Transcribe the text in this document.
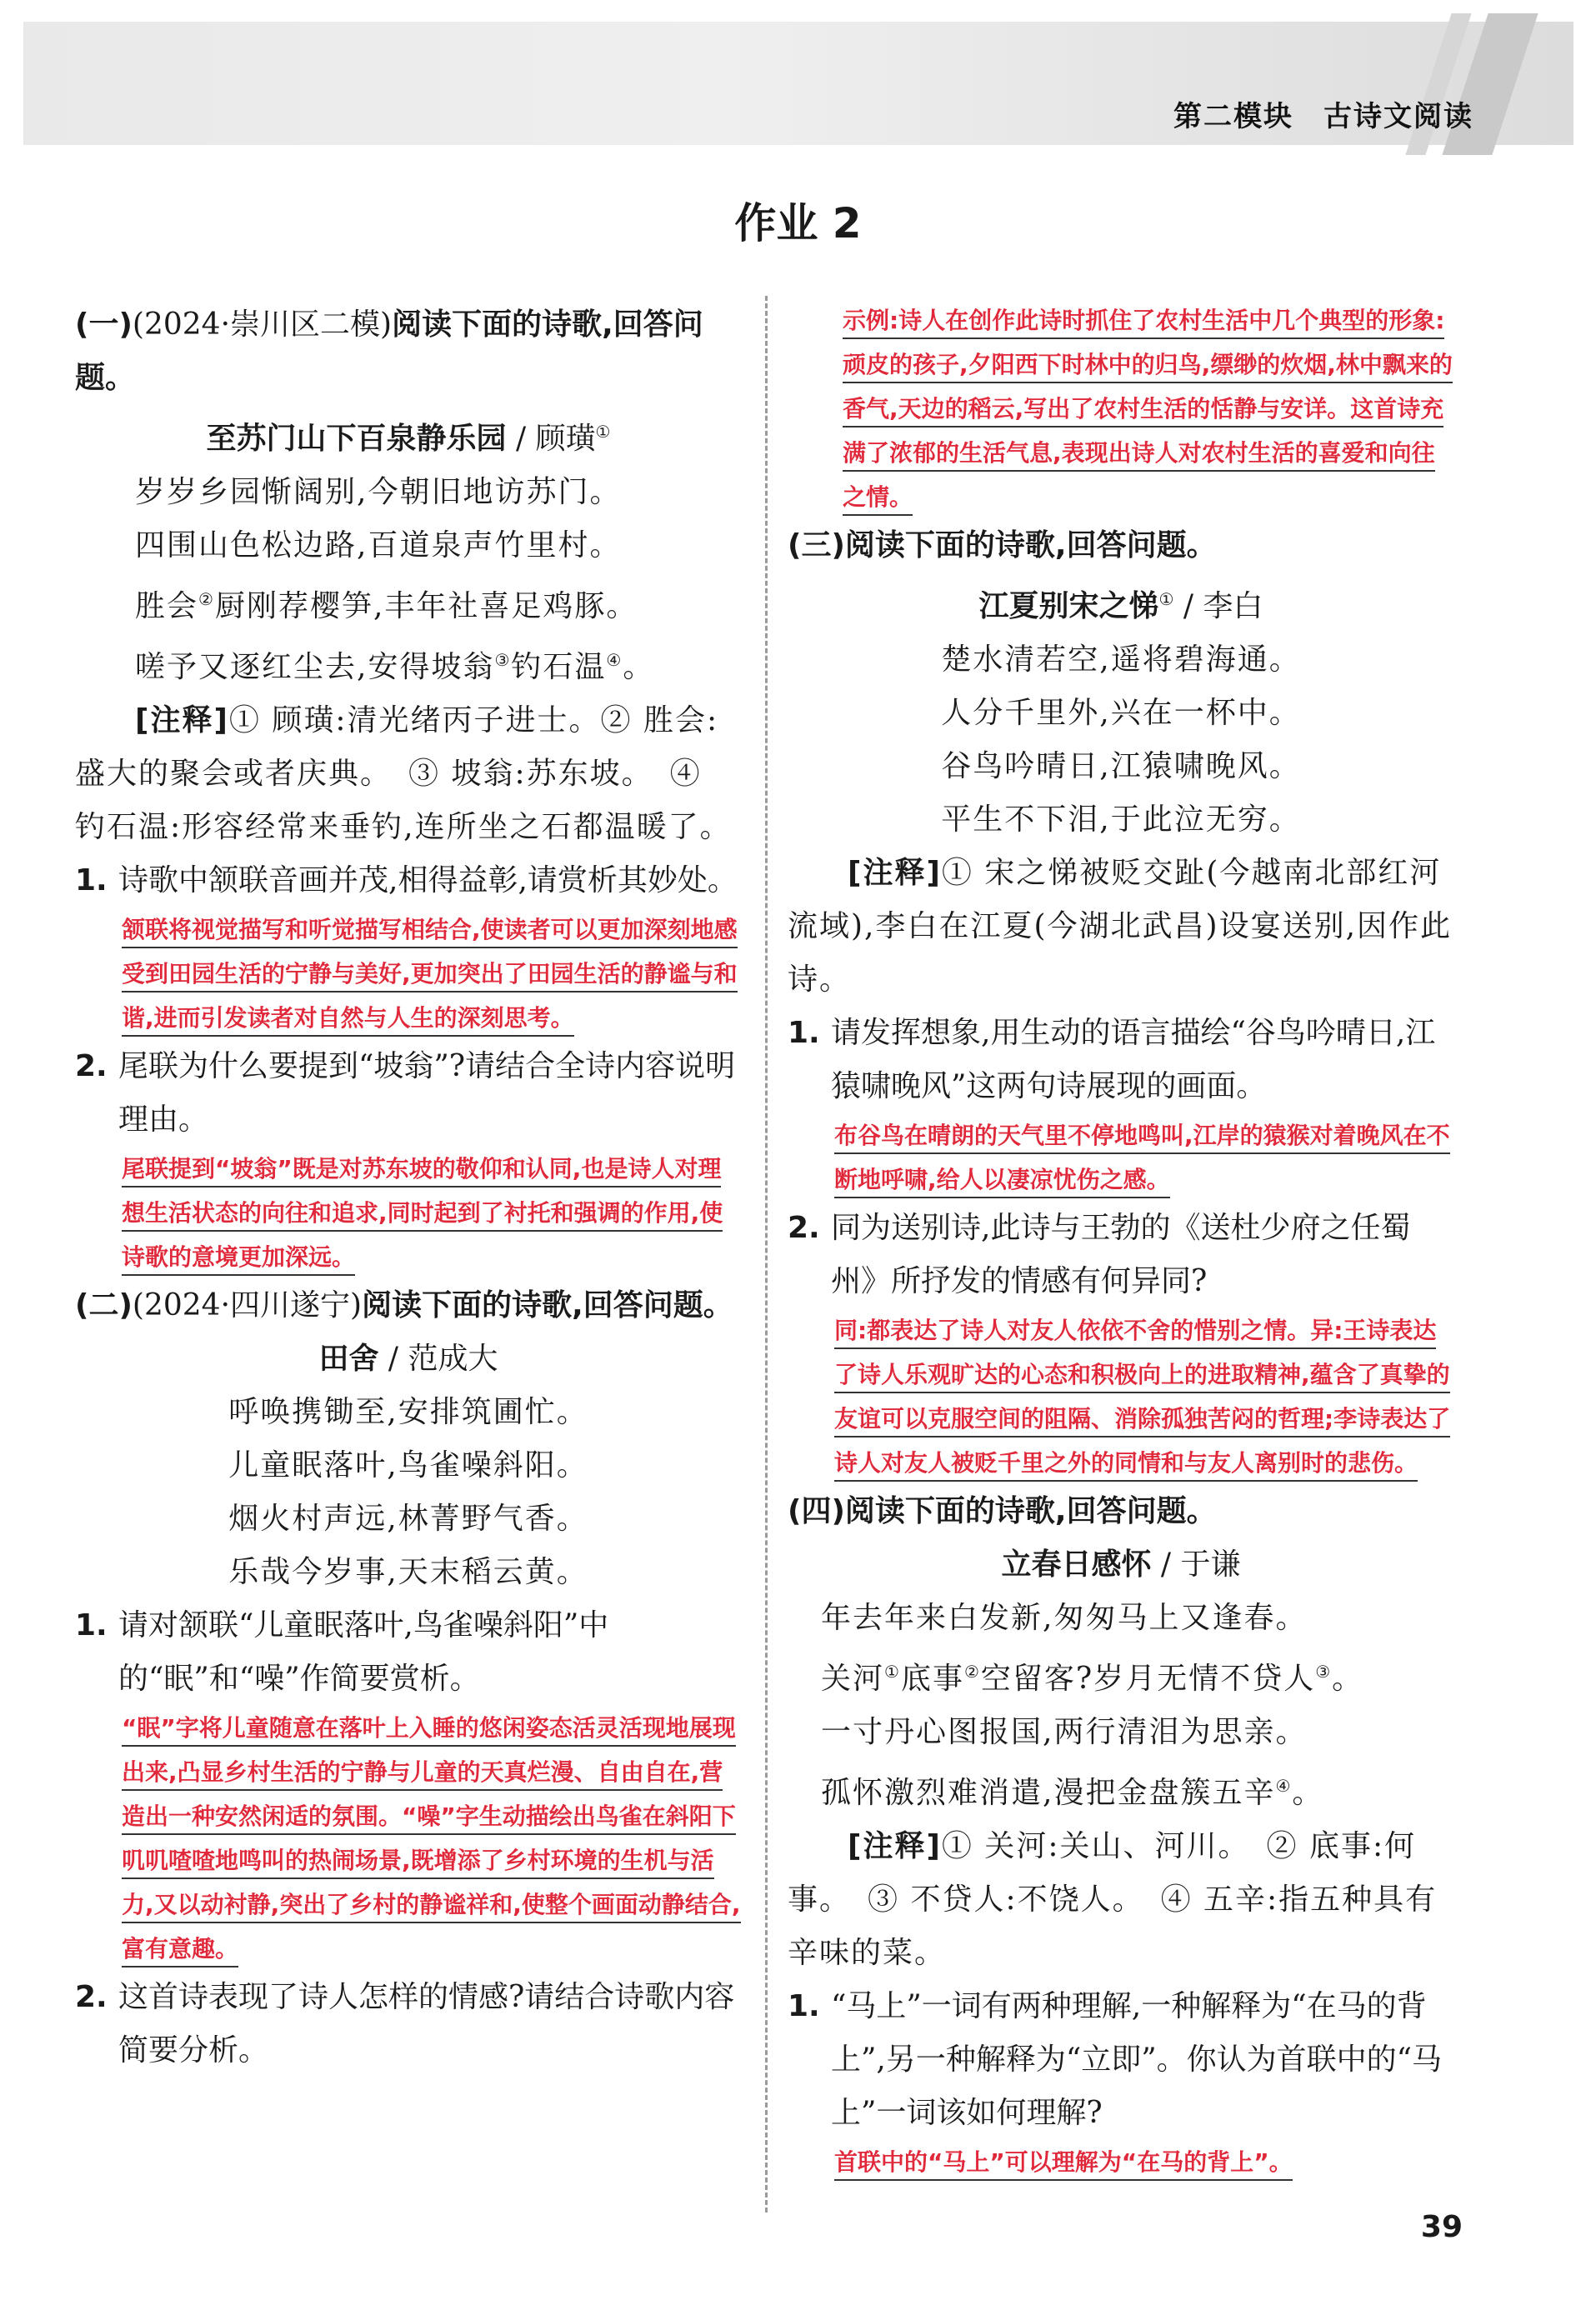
第二模块　古诗文阅读
作业 2
(一)(2024·崇川区二模)阅读下面的诗歌,回答问题。
至苏门山下百泉静乐园 / 顾璜①
岁岁乡园惭阔别,今朝旧地访苏门。
四围山色松边路,百道泉声竹里村。
胜会②厨刚荐樱笋,丰年社喜足鸡豚。
嗟予又逐红尘去,安得坡翁③钓石温④。
[注释]① 顾璜:清光绪丙子进士。② 胜会:盛大的聚会或者庆典。　③ 坡翁:苏东坡。　④ 钓石温:形容经常来垂钓,连所坐之石都温暖了。
1. 诗歌中颔联音画并茂,相得益彰,请赏析其妙处。
颔联将视觉描写和听觉描写相结合,使读者可以更加深刻地感受到田园生活的宁静与美好,更加突出了田园生活的静谧与和谐,进而引发读者对自然与人生的深刻思考。
2. 尾联为什么要提到“坡翁”?请结合全诗内容说明理由。
尾联提到“坡翁”既是对苏东坡的敬仰和认同,也是诗人对理想生活状态的向往和追求,同时起到了衬托和强调的作用,使诗歌的意境更加深远。
(二)(2024·四川遂宁)阅读下面的诗歌,回答问题。
田舍 / 范成大
呼唤携锄至,安排筑圃忙。
儿童眠落叶,鸟雀噪斜阳。
烟火村声远,林菁野气香。
乐哉今岁事,天末稻云黄。
1. 请对颔联“儿童眠落叶,鸟雀噪斜阳”中的“眠”和“噪”作简要赏析。
“眠”字将儿童随意在落叶上入睡的悠闲姿态活灵活现地展现出来,凸显乡村生活的宁静与儿童的天真烂漫、自由自在,营造出一种安然闲适的氛围。“噪”字生动描绘出鸟雀在斜阳下叽叽喳喳地鸣叫的热闹场景,既增添了乡村环境的生机与活力,又以动衬静,突出了乡村的静谧祥和,使整个画面动静结合,富有意趣。
2. 这首诗表现了诗人怎样的情感?请结合诗歌内容简要分析。
示例:诗人在创作此诗时抓住了农村生活中几个典型的形象:顽皮的孩子,夕阳西下时林中的归鸟,缥缈的炊烟,林中飘来的香气,天边的稻云,写出了农村生活的恬静与安详。这首诗充满了浓郁的生活气息,表现出诗人对农村生活的喜爱和向往之情。
(三)阅读下面的诗歌,回答问题。
江夏别宋之悌① / 李白
楚水清若空,遥将碧海通。
人分千里外,兴在一杯中。
谷鸟吟晴日,江猿啸晚风。
平生不下泪,于此泣无穷。
[注释]① 宋之悌被贬交趾(今越南北部红河流域),李白在江夏(今湖北武昌)设宴送别,因作此诗。
1. 请发挥想象,用生动的语言描绘“谷鸟吟晴日,江猿啸晚风”这两句诗展现的画面。
布谷鸟在晴朗的天气里不停地鸣叫,江岸的猿猴对着晚风在不断地呼啸,给人以凄凉忧伤之感。
2. 同为送别诗,此诗与王勃的《送杜少府之任蜀州》所抒发的情感有何异同?
同:都表达了诗人对友人依依不舍的惜别之情。异:王诗表达了诗人乐观旷达的心态和积极向上的进取精神,蕴含了真挚的友谊可以克服空间的阻隔、消除孤独苦闷的哲理;李诗表达了诗人对友人被贬千里之外的同情和与友人离别时的悲伤。
(四)阅读下面的诗歌,回答问题。
立春日感怀 / 于谦
年去年来白发新,匆匆马上又逢春。
关河①底事②空留客?岁月无情不贷人③。
一寸丹心图报国,两行清泪为思亲。
孤怀激烈难消遣,漫把金盘簇五辛④。
[注释]① 关河:关山、河川。　② 底事:何事。　③ 不贷人:不饶人。　④ 五辛:指五种具有辛味的菜。
1. “马上”一词有两种理解,一种解释为“在马的背上”,另一种解释为“立即”。你认为首联中的“马上”一词该如何理解?
首联中的“马上”可以理解为“在马的背上”。
39
